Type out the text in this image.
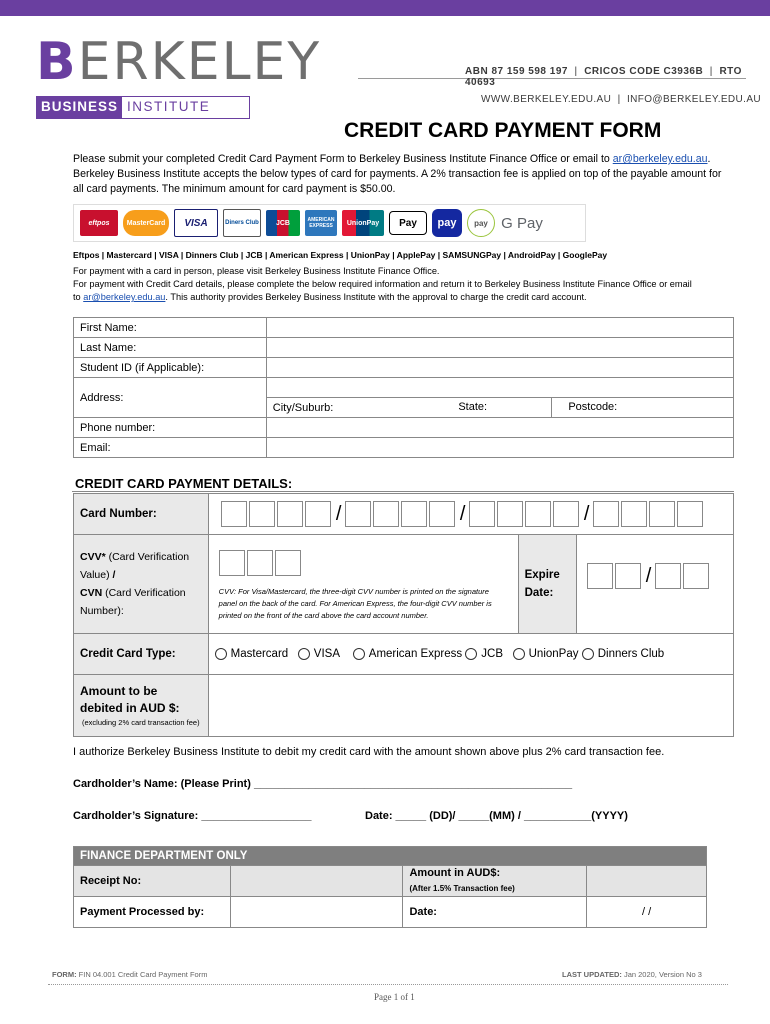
BERKELEY
BUSINESS INSTITUTE
ABN 87 159 598 197  |  CRICOS CODE C3936B  |  RTO 40693
WWW.BERKELEY.EDU.AU  |  INFO@BERKELEY.EDU.AU
CREDIT CARD PAYMENT FORM
Please submit your completed Credit Card Payment Form to Berkeley Business Institute Finance Office or email to ar@berkeley.edu.au. Berkeley Business Institute accepts the below types of card for payments. A 2% transaction fee is applied on top of the payable amount for all card payments. The minimum amount for card payment is $50.00.
eftpos	MasterCard	VISA	Diners Club	JCB	AMERICAN EXPRESS	UnionPay	Pay	pay	pay G Pay
Eftpos | Mastercard | VISA | Dinners Club | JCB | American Express | UnionPay | ApplePay | SAMSUNGPay | AndroidPay | GooglePay
For payment with a card in person, please visit Berkeley Business Institute Finance Office.
For payment with Credit Card details, please complete the below required information and return it to Berkeley Business Institute Finance Office or email to ar@berkeley.edu.au. This authority provides Berkeley Business Institute with the approval to charge the credit card account.
First Name:		
Last Name:		
Student ID (if Applicable):		
Address:		
	City/Suburb:	State: Postcode:

Phone number:		
Email:		
CREDIT CARD PAYMENT DETAILS:
Card Number:	/ / /		
CVV* (Card Verification Value) /
CVN (Card Verification Number):	CVV: For Visa/Mastercard, the three-digit CVV number is printed on the signature panel on the back of the card. For American Express, the four-digit CVV number is printed on the front of the card above the card account number.	Expire Date:	/
Credit Card Type:	Mastercard VISA American Express JCB UnionPay Dinners Club		

Amount to be debited in AUD $:
(excluding 2% card transaction fee)			

I authorize Berkeley Business Institute to debit my credit card with the amount shown above plus 2% card transaction fee.
Cardholder’s Name: (Please Print) ____________________________________________________
Cardholder’s Signature: __________________	Date: _____ (DD)/ _____(MM) / ___________(YYYY)
FINANCE DEPARTMENT ONLY			
Receipt No:		Amount in AUD$:
(After 1.5% Transaction fee)	

Payment Processed by:		Date:	/ /
FORM: FIN 04.001 Credit Card Payment Form	LAST UPDATED: Jan 2020, Version No 3
Page 1 of 1
